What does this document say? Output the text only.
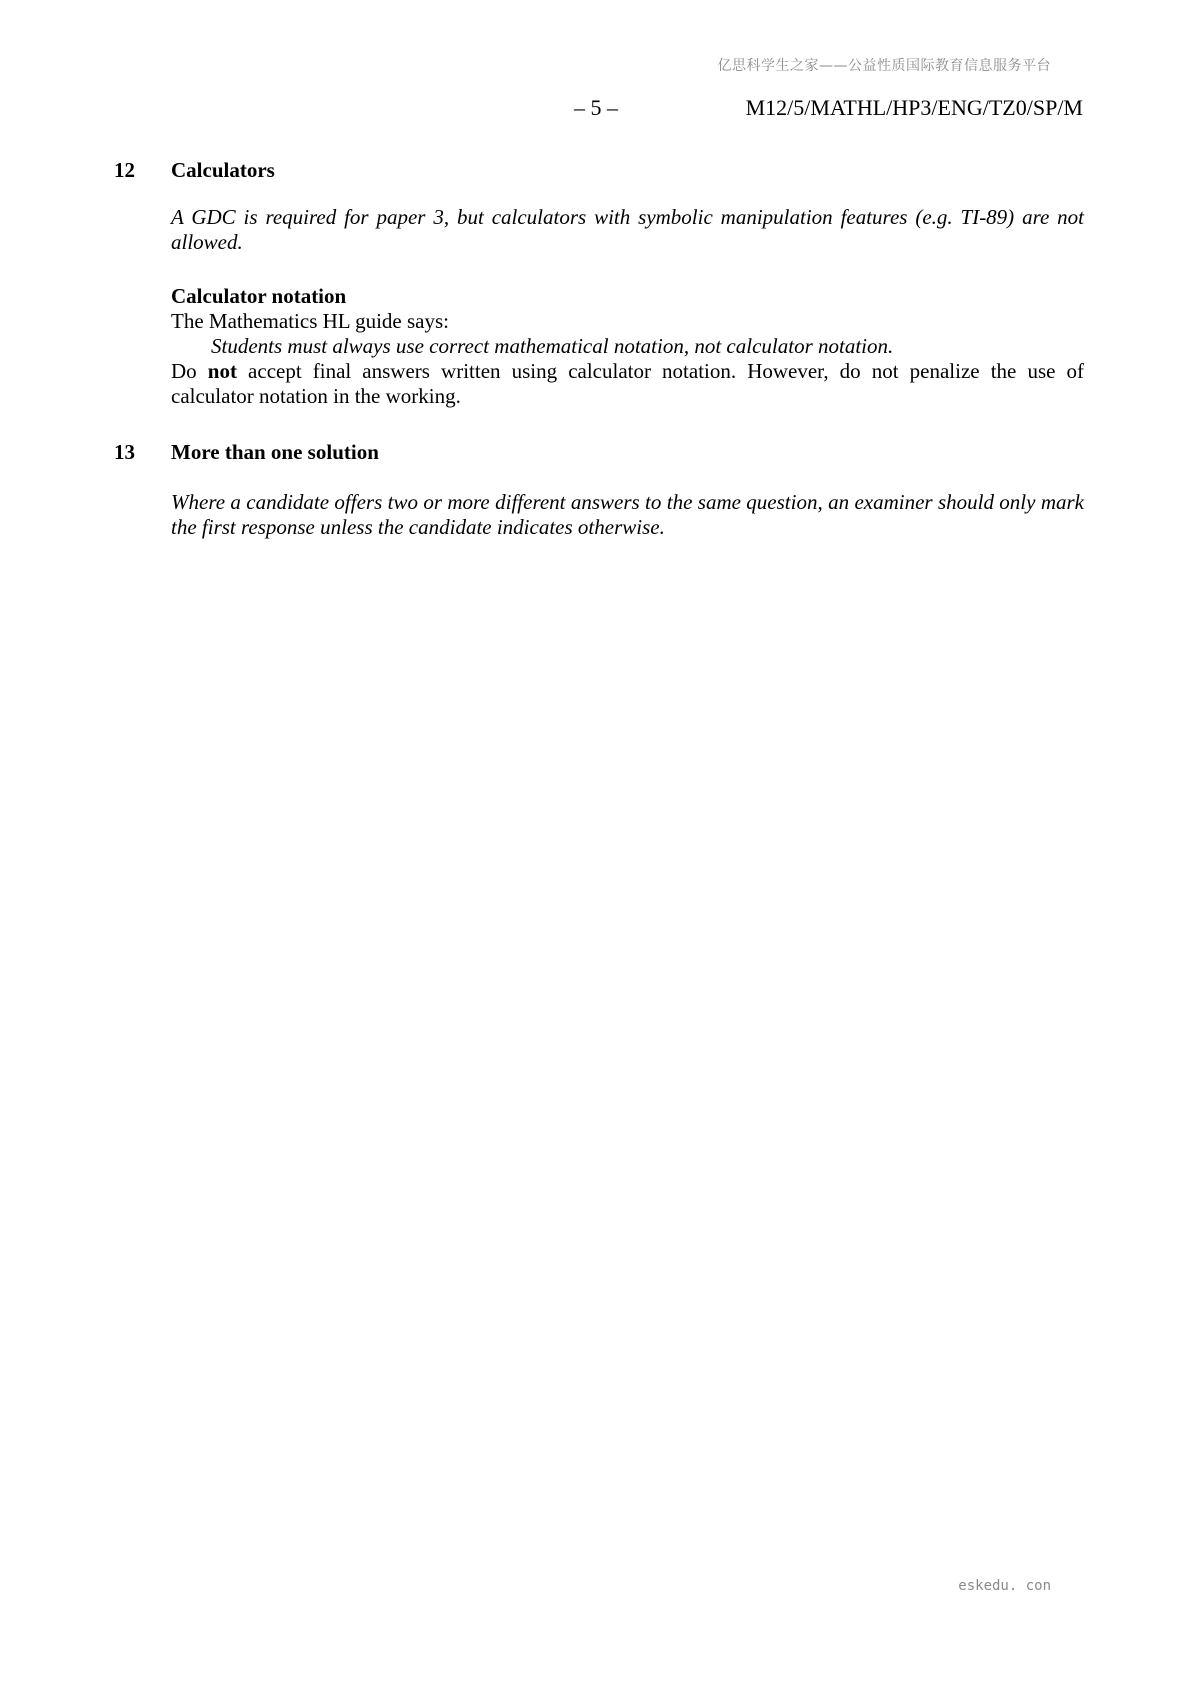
亿思科学生之家——公益性质国际教育信息服务平台
– 5 –	M12/5/MATHL/HP3/ENG/TZ0/SP/M
12	Calculators
A GDC is required for paper 3, but calculators with symbolic manipulation features (e.g. TI-89) are not allowed.
Calculator notation
The Mathematics HL guide says:
Students must always use correct mathematical notation, not calculator notation.
Do not accept final answers written using calculator notation. However, do not penalize the use of calculator notation in the working.
13	More than one solution
Where a candidate offers two or more different answers to the same question, an examiner should only mark the first response unless the candidate indicates otherwise.
eskedu. con
